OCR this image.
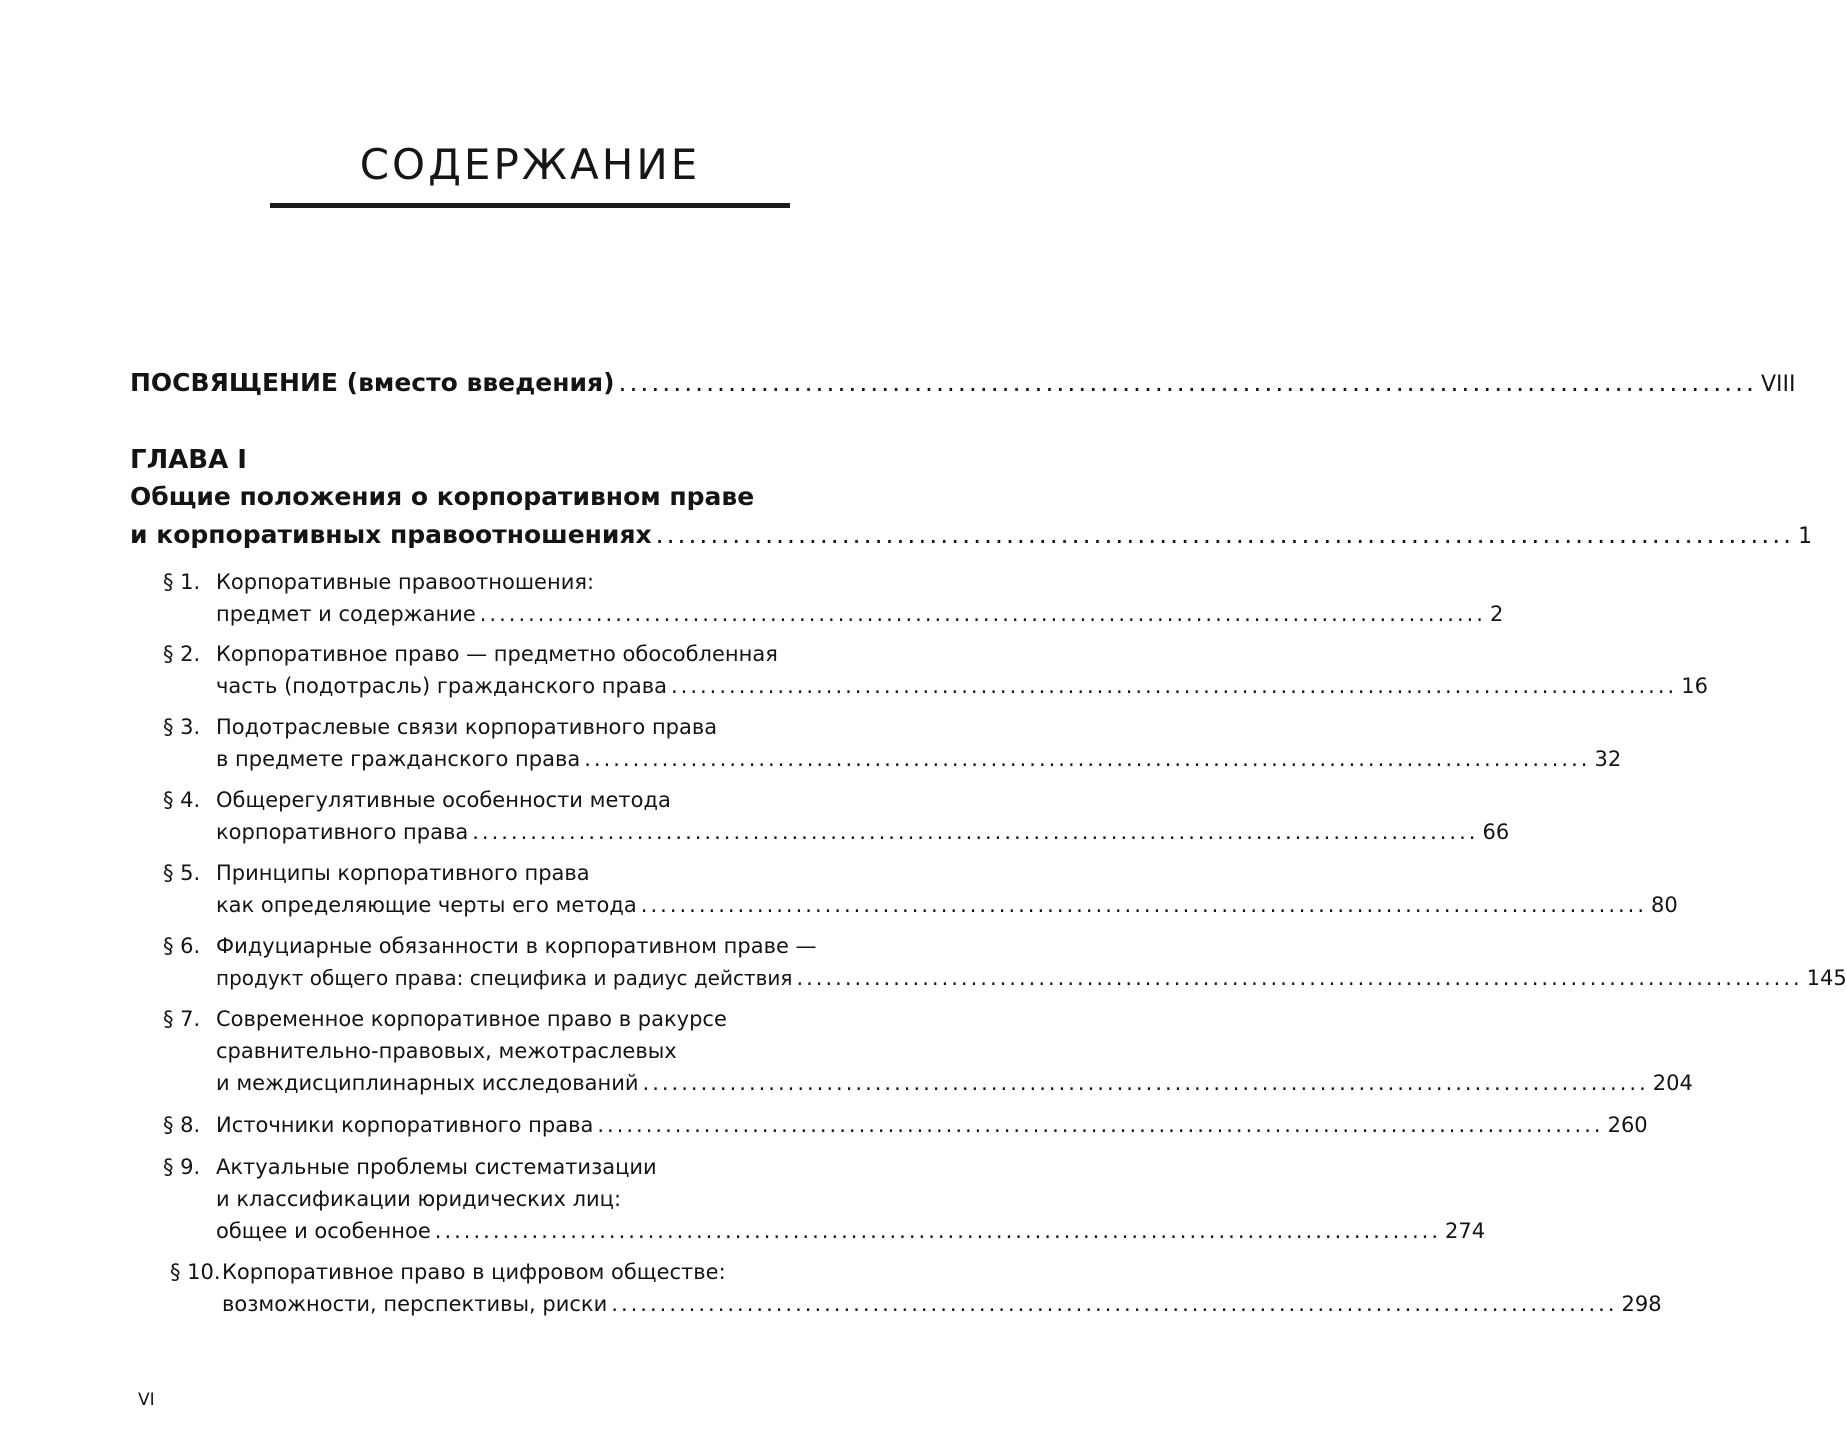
СОДЕРЖАНИЕ
ПОСВЯЩЕНИЕ (вместо введения) ........................................................................................................ VIII
ГЛАВА I
Общие положения о корпоративном праве
и корпоративных правоотношениях ........................................................................................................ 1
§ 1. Корпоративные правоотношения:
предмет и содержание ........................................................................................................ 2
§ 2. Корпоративное право — предметно обособленная
часть (подотрасль) гражданского права ........................................................................................................ 16
§ 3. Подотраслевые связи корпоративного права
в предмете гражданского права ........................................................................................................ 32
§ 4. Общерегулятивные особенности метода
корпоративного права ........................................................................................................ 66
§ 5. Принципы корпоративного права
как определяющие черты его метода ........................................................................................................ 80
§ 6. Фидуциарные обязанности в корпоративном праве —
продукт общего права: специфика и радиус действия ........................................................................................................ 145
§ 7. Современное корпоративное право в ракурсе
сравнительно-правовых, межотраслевых
и междисциплинарных исследований ........................................................................................................ 204
§ 8. Источники корпоративного права ........................................................................................................ 260
§ 9. Актуальные проблемы систематизации
и классификации юридических лиц:
общее и особенное ........................................................................................................ 274
§ 10. Корпоративное право в цифровом обществе:
возможности, перспективы, риски ........................................................................................................ 298
VI
